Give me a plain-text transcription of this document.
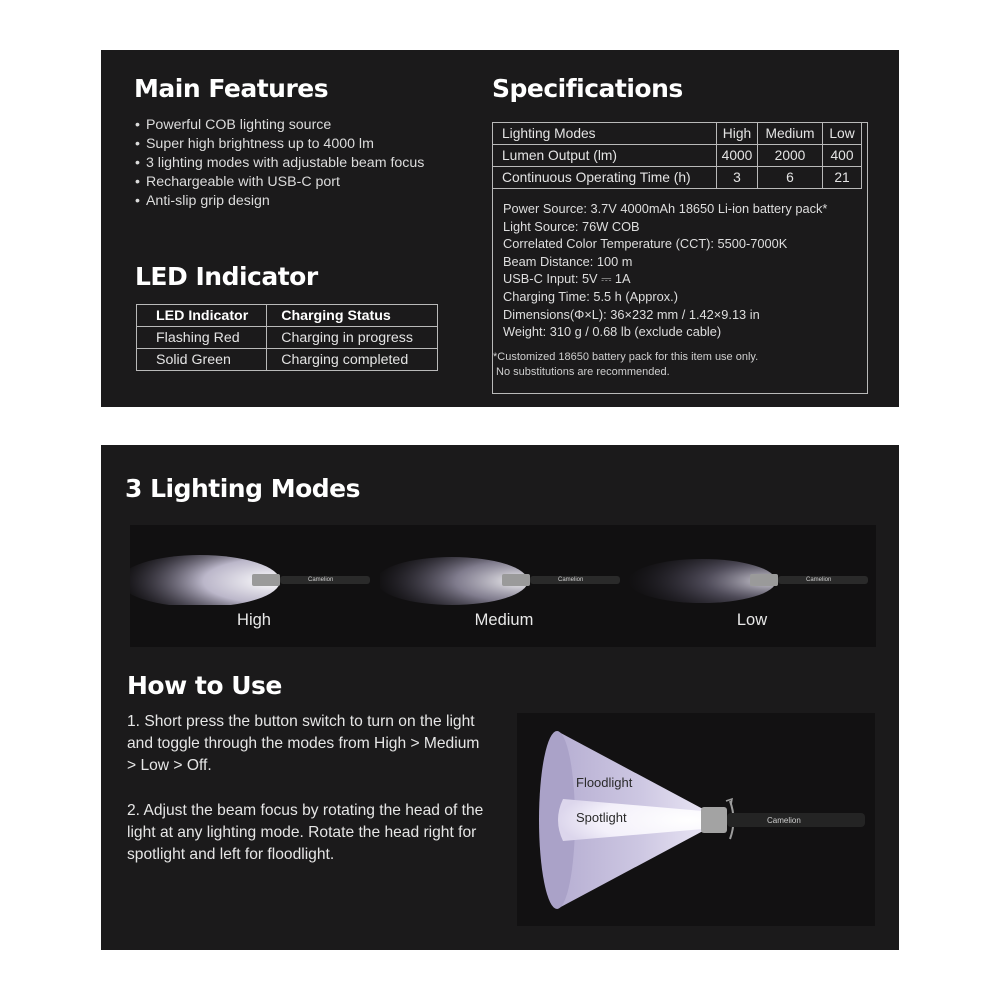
Main Features
• Powerful COB lighting source
• Super high brightness up to 4000 lm
• 3 lighting modes with adjustable beam focus
• Rechargeable with USB-C port
• Anti-slip grip design
LED Indicator
LED Indicator	Charging Status
Flashing Red	Charging in progress
Solid Green	Charging completed
Specifications
Lighting Modes	High	Medium	Low
Lumen Output (lm)	4000	2000	400
Continuous Operating Time (h)	3	6	21
Power Source: 3.7V 4000mAh 18650 Li-ion battery pack*
Light Source: 76W COB
Correlated Color Temperature (CCT): 5500-7000K
Beam Distance: 100 m
USB-C Input: 5V ⎓ 1A
Charging Time: 5.5 h (Approx.)
Dimensions(Φ×L): 36×232 mm / 1.42×9.13 in
Weight: 310 g / 0.68 lb (exclude cable)
*Customized 18650 battery pack for this item use only.
No substitutions are recommended.
3 Lighting Modes
Camelion
High
Camelion
Medium
Camelion
Low
How to Use

1. Short press the button switch to turn on the light and toggle through the modes from High > Medium > Low > Off.

2. Adjust the beam focus by rotating the head of the light at any lighting mode. Rotate the head right for spotlight and left for floodlight.

Camelion
Floodlight
Spotlight
